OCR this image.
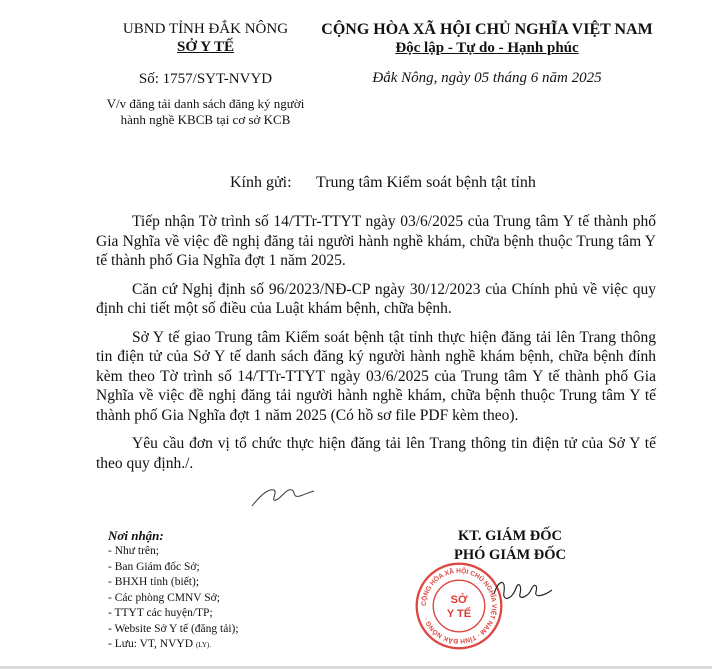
UBND TỈNH ĐẮK NÔNG
SỞ Y TẾ
Số: 1757/SYT-NVYD
V/v đăng tải danh sách đăng ký người hành nghề KBCB tại cơ sở KCB
CỘNG HÒA XÃ HỘI CHỦ NGHĨA VIỆT NAM
Độc lập - Tự do - Hạnh phúc
Đắk Nông, ngày 05 tháng 6 năm 2025
Kính gửi: Trung tâm Kiểm soát bệnh tật tỉnh

Tiếp nhận Tờ trình số 14/TTr-TTYT ngày 03/6/2025 của Trung tâm Y tế thành phố Gia Nghĩa về việc đề nghị đăng tải người hành nghề khám, chữa bệnh thuộc Trung tâm Y tế thành phố Gia Nghĩa đợt 1 năm 2025.

Căn cứ Nghị định số 96/2023/NĐ-CP ngày 30/12/2023 của Chính phủ về việc quy định chi tiết một số điều của Luật khám bệnh, chữa bệnh.

Sở Y tế giao Trung tâm Kiểm soát bệnh tật tỉnh thực hiện đăng tải lên Trang thông tin điện tử của Sở Y tế danh sách đăng ký người hành nghề khám bệnh, chữa bệnh đính kèm theo Tờ trình số 14/TTr-TTYT ngày 03/6/2025 của Trung tâm Y tế thành phố Gia Nghĩa về việc đề nghị đăng tải người hành nghề khám, chữa bệnh thuộc Trung tâm Y tế thành phố Gia Nghĩa đợt 1 năm 2025 (Có hồ sơ file PDF kèm theo).

Yêu cầu đơn vị tổ chức thực hiện đăng tải lên Trang thông tin điện tử của Sở Y tế theo quy định./.

Nơi nhận:
- Như trên;
- Ban Giám đốc Sở;
- BHXH tỉnh (biết);
- Các phòng CMNV Sở;
- TTYT các huyện/TP;
- Website Sở Y tế (đăng tải);
- Lưu: VT, NVYD (LY).
KT. GIÁM ĐỐC
PHÓ GIÁM ĐỐC
CỘNG HÒA XÃ HỘI CHỦ NGHĨA VIỆT NAM · TỈNH ĐẮK NÔNG ·
SỞ
Y TẾ
